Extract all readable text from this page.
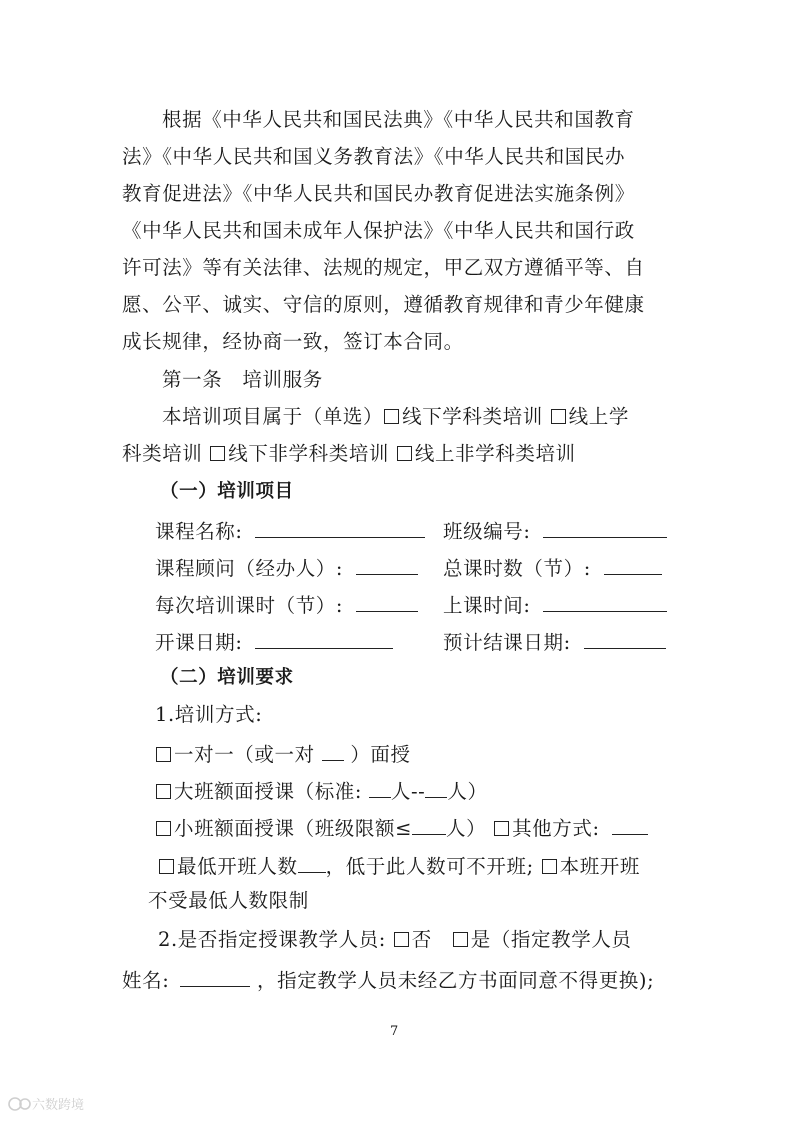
根据《中华人民共和国民法典》《中华人民共和国教育
法》《中华人民共和国义务教育法》《中华人民共和国民办
教育促进法》《中华人民共和国民办教育促进法实施条例》
《中华人民共和国未成年人保护法》《中华人民共和国行政
许可法》等有关法律、法规的规定，甲乙双方遵循平等、自
愿、公平、诚实、守信的原则，遵循教育规律和青少年健康
成长规律，经协商一致，签订本合同。
第一条　培训服务
本培训项目属于（单选） 线下学科类培训 线上学
科类培训 线下非学科类培训 线上非学科类培训
（一）培训项目
课程名称:	班级编号:
课程顾问（经办人）:	总课时数（节）:
每次培训课时（节）:	上课时间:
开课日期:	预计结课日期:
（二）培训要求
1.培训方式:
一对一（或一对 ）面授
大班额面授课（标准: 人-- 人）
小班额面授课（班级限额≤ 人） 其他方式:
最低开班人数 ，低于此人数可不开班; 本班开班
不受最低人数限制
2.是否指定授课教学人员: 否 是（指定教学人员
姓名:	，指定教学人员未经乙方书面同意不得更换);
7
六数跨境
